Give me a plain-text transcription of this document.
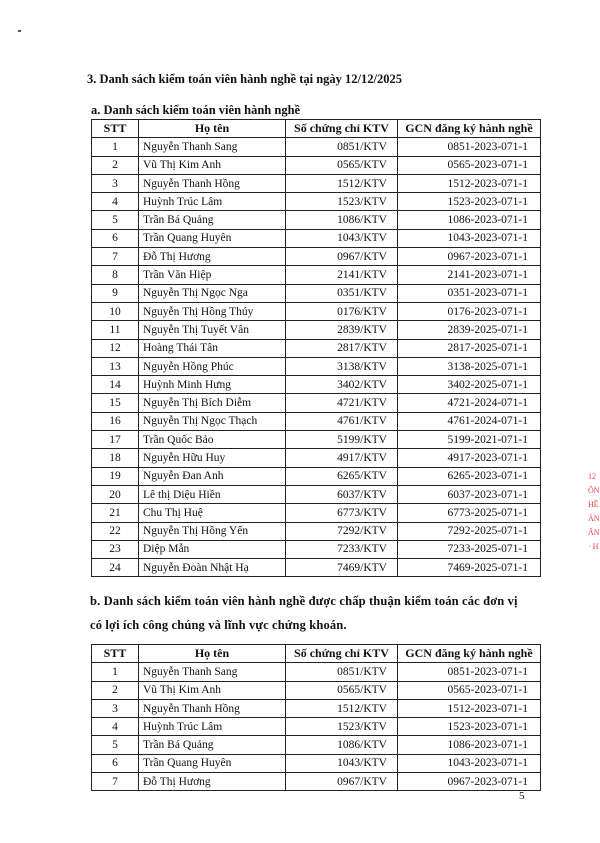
3. Danh sách kiểm toán viên hành nghề tại ngày 12/12/2025
a. Danh sách kiểm toán viên hành nghề
STT	Họ tên	Số chứng chỉ KTV	GCN đăng ký hành nghề
1	Nguyễn Thanh Sang	0851/KTV	0851-2023-071-1
2	Vũ Thị Kim Anh	0565/KTV	0565-2023-071-1
3	Nguyễn Thanh Hồng	1512/KTV	1512-2023-071-1
4	Huỳnh Trúc Lâm	1523/KTV	1523-2023-071-1
5	Trần Bá Quảng	1086/KTV	1086-2023-071-1
6	Trần Quang Huyên	1043/KTV	1043-2023-071-1
7	Đỗ Thị Hương	0967/KTV	0967-2023-071-1
8	Trần Văn Hiệp	2141/KTV	2141-2023-071-1
9	Nguyễn Thị Ngọc Nga	0351/KTV	0351-2023-071-1
10	Nguyễn Thị Hồng Thúy	0176/KTV	0176-2023-071-1
11	Nguyễn Thị Tuyết Vân	2839/KTV	2839-2025-071-1
12	Hoàng Thái Tân	2817/KTV	2817-2025-071-1
13	Nguyễn Hồng Phúc	3138/KTV	3138-2025-071-1
14	Huỳnh Minh Hưng	3402/KTV	3402-2025-071-1
15	Nguyễn Thị Bích Diễm	4721/KTV	4721-2024-071-1
16	Nguyễn Thị Ngọc Thạch	4761/KTV	4761-2024-071-1
17	Trần Quốc Bảo	5199/KTV	5199-2021-071-1
18	Nguyễn Hữu Huy	4917/KTV	4917-2023-071-1
19	Nguyễn Đan Anh	6265/KTV	6265-2023-071-1
20	Lê thị Diệu Hiền	6037/KTV	6037-2023-071-1
21	Chu Thị Huệ	6773/KTV	6773-2025-071-1
22	Nguyễn Thị Hồng Yến	7292/KTV	7292-2025-071-1
23	Diệp Mẫn	7233/KTV	7233-2025-071-1
24	Nguyễn Đoàn Nhật Hạ	7469/KTV	7469-2025-071-1
b. Danh sách kiểm toán viên hành nghề được chấp thuận kiểm toán các đơn vị có lợi ích công chúng và lĩnh vực chứng khoán.
STT	Họ tên	Số chứng chỉ KTV	GCN đăng ký hành nghề
1	Nguyễn Thanh Sang	0851/KTV	0851-2023-071-1
2	Vũ Thị Kim Anh	0565/KTV	0565-2023-071-1
3	Nguyễn Thanh Hồng	1512/KTV	1512-2023-071-1
4	Huỳnh Trúc Lâm	1523/KTV	1523-2023-071-1
5	Trần Bá Quảng	1086/KTV	1086-2023-071-1
6	Trần Quang Huyên	1043/KTV	1043-2023-071-1
7	Đỗ Thị Hương	0967/KTV	0967-2023-071-1
5
12
ÔN
HỀ
ÁN
ẨN
· H
